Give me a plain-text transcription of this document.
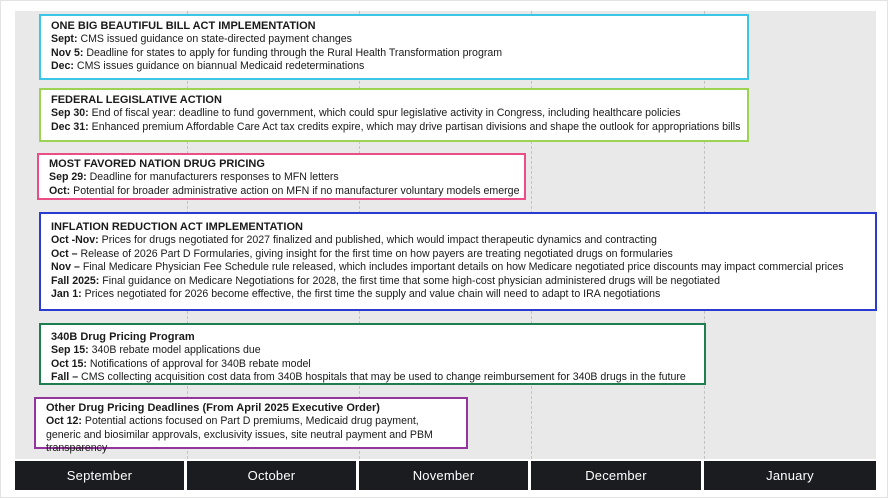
ONE BIG BEAUTIFUL BILL ACT IMPLEMENTATION
Sept: CMS issued guidance on state-directed payment changes
Nov 5: Deadline for states to apply for funding through the Rural Health Transformation program
Dec: CMS issues guidance on biannual Medicaid redeterminations
FEDERAL LEGISLATIVE ACTION
Sep 30: End of fiscal year: deadline to fund government, which could spur legislative activity in Congress, including healthcare policies
Dec 31: Enhanced premium Affordable Care Act tax credits expire, which may drive partisan divisions and shape the outlook for appropriations bills
MOST FAVORED NATION DRUG PRICING
Sep 29: Deadline for manufacturers responses to MFN letters
Oct: Potential for broader administrative action on MFN if no manufacturer voluntary models emerge
INFLATION REDUCTION ACT IMPLEMENTATION
Oct -Nov: Prices for drugs negotiated for 2027 finalized and published, which would impact therapeutic dynamics and contracting
Oct – Release of 2026 Part D Formularies, giving insight for the first time on how payers are treating negotiated drugs on formularies
Nov – Final Medicare Physician Fee Schedule rule released, which includes important details on how Medicare negotiated price discounts may impact commercial prices
Fall 2025: Final guidance on Medicare Negotiations for 2028, the first time that some high-cost physician administered drugs will be negotiated
Jan 1: Prices negotiated for 2026 become effective, the first time the supply and value chain will need to adapt to IRA negotiations
340B Drug Pricing Program
Sep 15: 340B rebate model applications due
Oct 15: Notifications of approval for 340B rebate model
Fall – CMS collecting acquisition cost data from 340B hospitals that may be used to change reimbursement for 340B drugs in the future
Other Drug Pricing Deadlines (From April 2025 Executive Order)
Oct 12: Potential actions focused on Part D premiums, Medicaid drug payment, generic and biosimilar approvals, exclusivity issues, site neutral payment and PBM transparency
September	October	November	December	January
